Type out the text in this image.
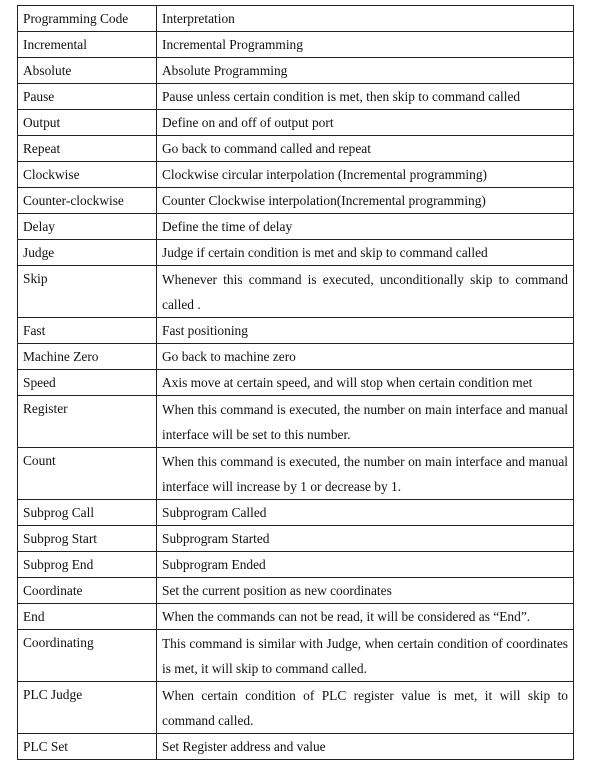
Programming Code	Interpretation
Incremental	Incremental Programming
Absolute	Absolute Programming
Pause	Pause unless certain condition is met, then skip to command called
Output	Define on and off of output port
Repeat	Go back to command called and repeat
Clockwise	Clockwise circular interpolation (Incremental programming)
Counter-clockwise	Counter Clockwise interpolation(Incremental programming)
Delay	Define the time of delay
Judge	Judge if certain condition is met and skip to command called
Skip	Whenever this command is executed, unconditionally skip to command called .
Fast	Fast positioning
Machine Zero	Go back to machine zero
Speed	Axis move at certain speed, and will stop when certain condition met
Register	When this command is executed, the number on main interface and manual interface will be set to this number.
Count	When this command is executed, the number on main interface and manual interface will increase by 1 or decrease by 1.
Subprog Call	Subprogram Called
Subprog Start	Subprogram Started
Subprog End	Subprogram Ended
Coordinate	Set the current position as new coordinates
End	When the commands can not be read, it will be considered as “End”.
Coordinating	This command is similar with Judge, when certain condition of coordinates is met, it will skip to command called.
PLC Judge	When certain condition of PLC register value is met, it will skip to command called.
PLC Set	Set Register address and value
